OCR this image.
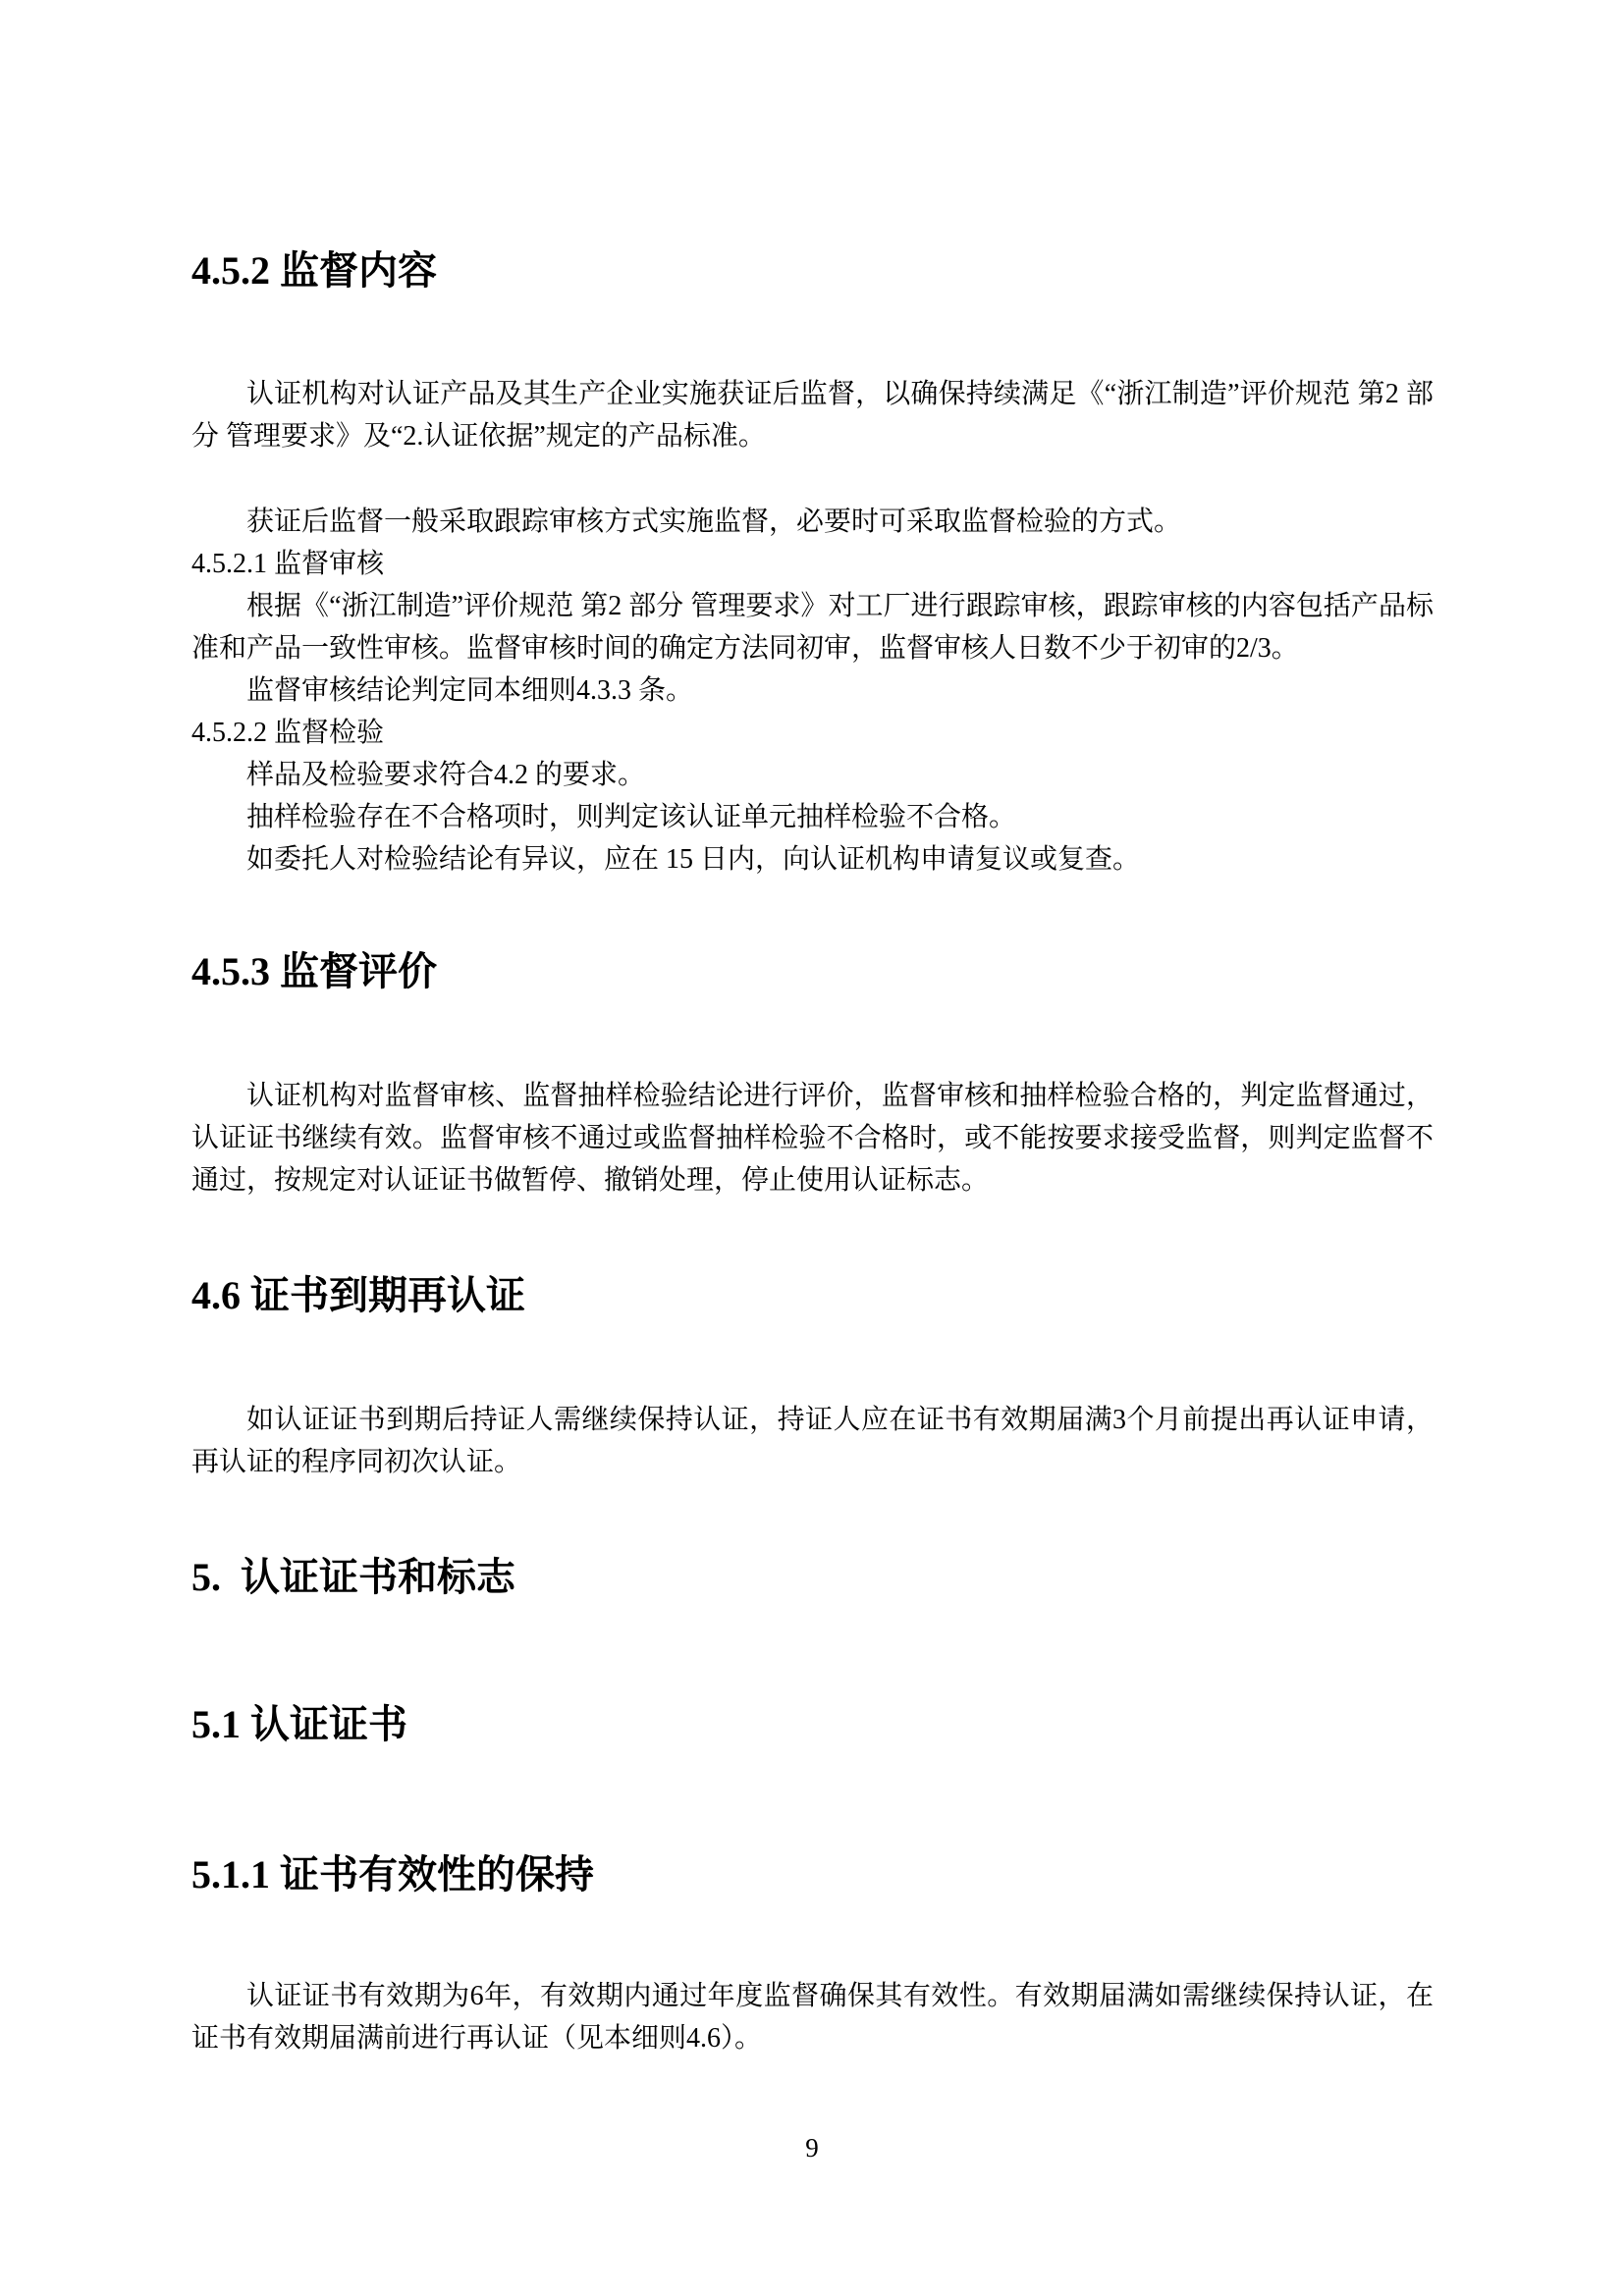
4.5.2 监督内容

认证机构对认证产品及其生产企业实施获证后监督，以确保持续满足《“浙江制造”评价规范 第2 部分 管理要求》及“2.认证依据”规定的产品标准。

获证后监督一般采取跟踪审核方式实施监督，必要时可采取监督检验的方式。

4.5.2.1 监督审核

根据《“浙江制造”评价规范 第2 部分 管理要求》对工厂进行跟踪审核，跟踪审核的内容包括产品标准和产品一致性审核。监督审核时间的确定方法同初审，监督审核人日数不少于初审的2/3。

监督审核结论判定同本细则4.3.3 条。

4.5.2.2 监督检验

样品及检验要求符合4.2 的要求。

抽样检验存在不合格项时，则判定该认证单元抽样检验不合格。

如委托人对检验结论有异议，应在 15 日内，向认证机构申请复议或复查。

4.5.3 监督评价

认证机构对监督审核、监督抽样检验结论进行评价，监督审核和抽样检验合格的，判定监督通过，认证证书继续有效。监督审核不通过或监督抽样检验不合格时，或不能按要求接受监督，则判定监督不通过，按规定对认证证书做暂停、撤销处理，停止使用认证标志。

4.6 证书到期再认证

如认证证书到期后持证人需继续保持认证，持证人应在证书有效期届满3个月前提出再认证申请，再认证的程序同初次认证。

5. 认证证书和标志
5.1 认证证书
5.1.1 证书有效性的保持

认证证书有效期为6年，有效期内通过年度监督确保其有效性。有效期届满如需继续保持认证，在证书有效期届满前进行再认证（见本细则4.6）。

9
